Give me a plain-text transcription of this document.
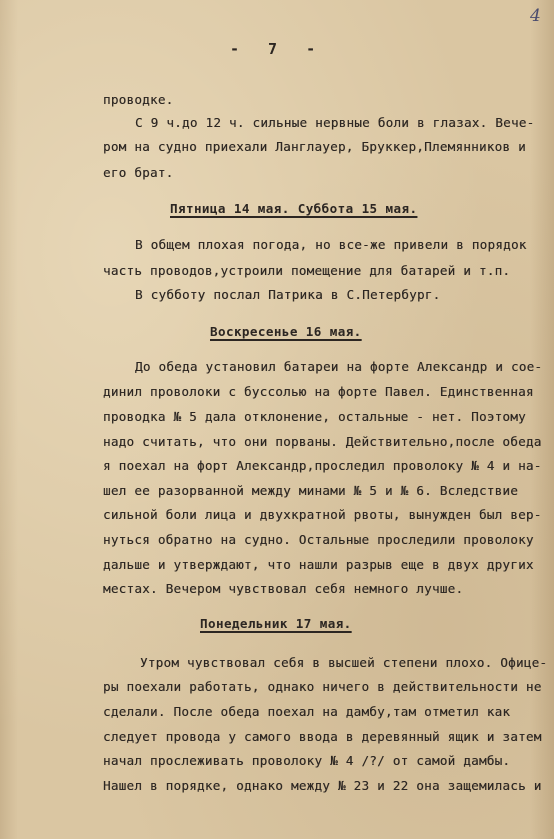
4
- 7 -
проводке.
С 9 ч.до 12 ч. сильные нервные боли в глазах. Вече-
ром на судно приехали Ланглауер, Бруккер,Племянников и
его брат.
Пятница 14 мая. Суббота 15 мая.
В общем плохая погода, но все-же привели в порядок
часть проводов,устроили помещение для батарей и т.п.
В субботу послал Патрика в С.Петербург.
Воскресенье 16 мая.
До обеда установил батареи на форте Александр и сое-
динил проволоки с буссолью на форте Павел. Единственная
проводка № 5 дала отклонение, остальные - нет. Поэтому
надо считать, что они порваны. Действительно,после обеда
я поехал на форт Александр,проследил проволоку № 4 и на-
шел ее разорванной между минами № 5 и № 6. Вследствие
сильной боли лица и двухкратной рвоты, вынужден был вер-
нуться обратно на судно. Остальные проследили проволоку
дальше и утверждают, что нашли разрыв еще в двух других
местах. Вечером чувствовал себя немного лучше.
Понедельник 17 мая.
Утром чувствовал себя в высшей степени плохо. Офице-
ры поехали работать, однако ничего в действительности не
сделали. После обеда поехал на дамбу,там отметил как
следует провода у самого ввода в деревянный ящик и затем
начал прослеживать проволоку № 4 /?/ от самой дамбы.
Нашел в порядке, однако между № 23 и 22 она защемилась и
